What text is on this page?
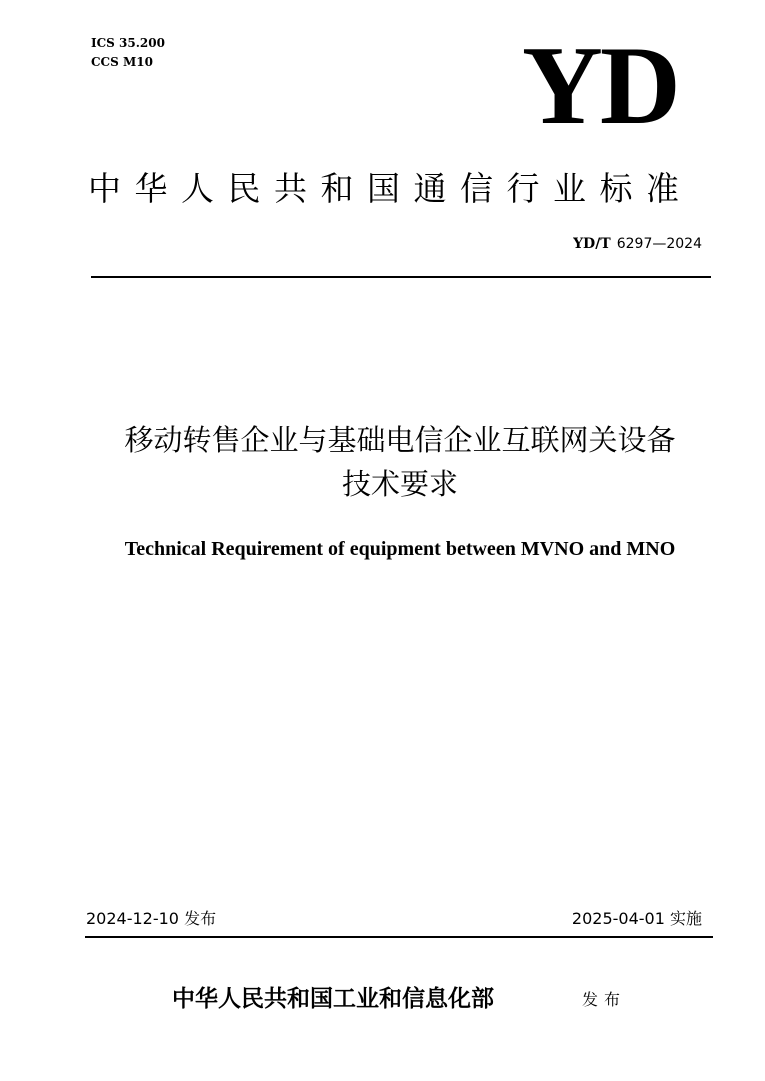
ICS 35.200
CCS M10	YD
中华人民共和国通信行业标准
YD/T 6297—2024
移动转售企业与基础电信企业互联网关设备
技术要求
Technical Requirement of equipment between MVNO and MNO
2024-12-10 发布	2025-04-01 实施
中华人民共和国工业和信息化部	发布
